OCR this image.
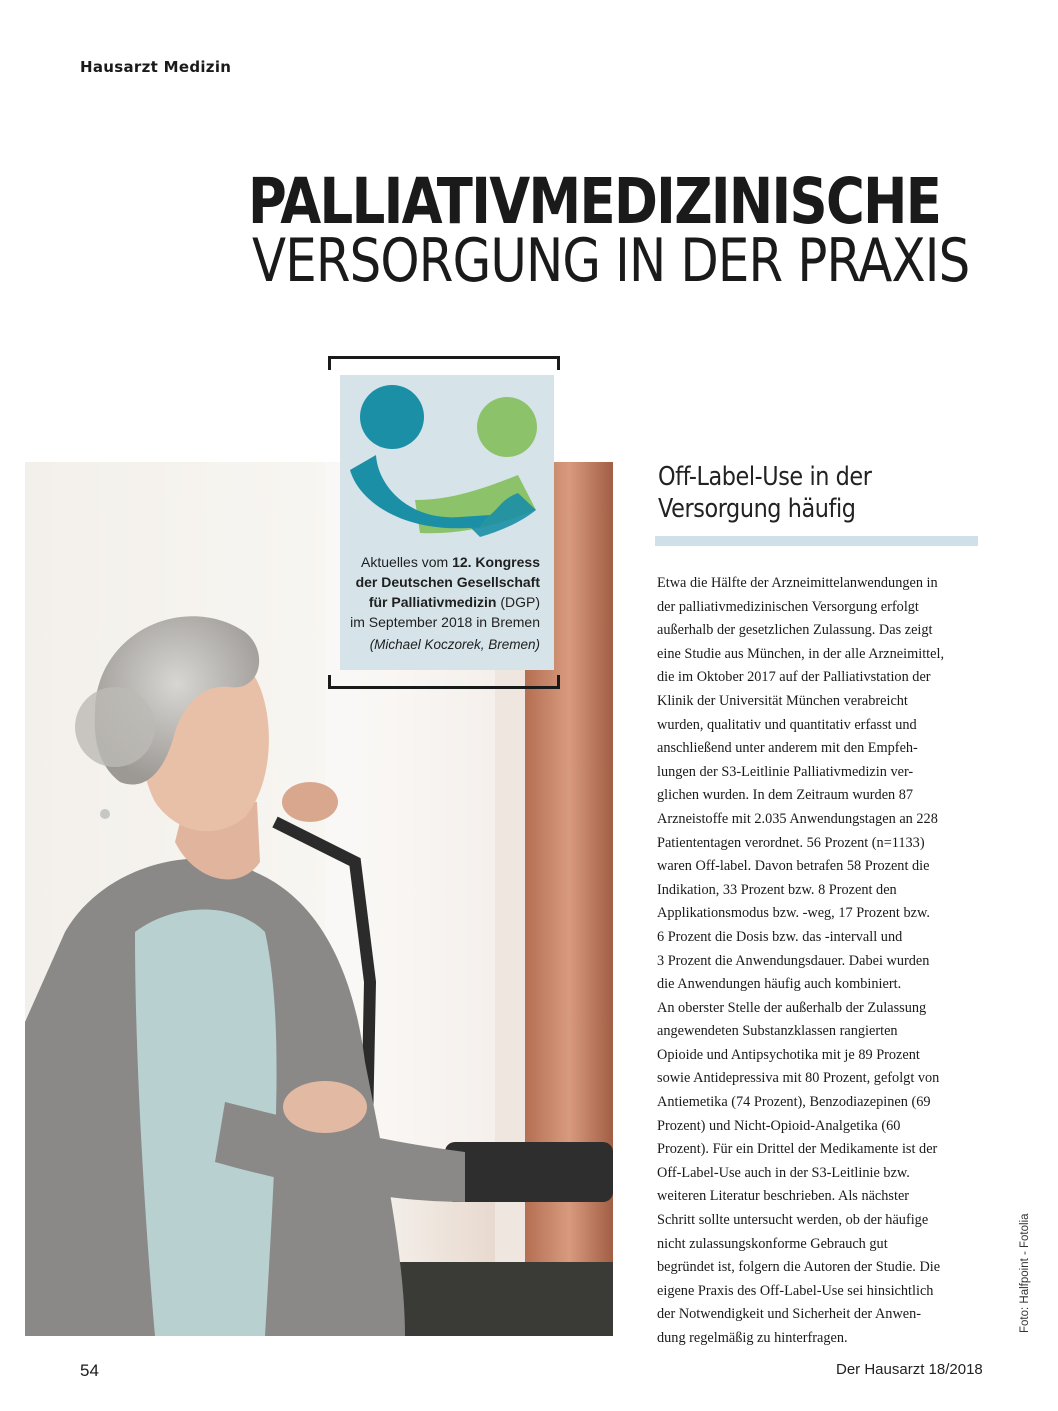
Hausarzt Medizin
PALLIATIVMEDIZINISCHE
VERSORGUNG IN DER PRAXIS
Aktuelles vom 12. Kongress
der Deutschen Gesellschaft
für Palliativmedizin (DGP)
im September 2018 in Bremen
(Michael Koczorek, Bremen)
Off-Label-Use in der
Versorgung häufig

Etwa die Hälfte der Arzneimittelanwendungen in

der palliativmedizinischen Versorgung erfolgt

außerhalb der gesetzlichen Zulassung. Das zeigt

eine Studie aus München, in der alle Arzneimittel,

die im Oktober 2017 auf der Palliativstation der

Klinik der Universität München verabreicht

wurden, qualitativ und quantitativ erfasst und

anschließend unter anderem mit den Empfeh-

lungen der S3-Leitlinie Palliativmedizin ver-

glichen wurden. In dem Zeitraum wurden 87

Arzneistoffe mit 2.035 Anwendungstagen an 228

Patiententagen verordnet. 56 Prozent (n=1133)

waren Off-label. Davon betrafen 58 Prozent die

Indikation, 33 Prozent bzw. 8 Prozent den

Applikationsmodus bzw. -weg, 17 Prozent bzw.

6 Prozent die Dosis bzw. das -intervall und

3 Prozent die Anwendungsdauer. Dabei wurden

die Anwendungen häufig auch kombiniert.

An oberster Stelle der außerhalb der Zulassung

angewendeten Substanzklassen rangierten

Opioide und Antipsychotika mit je 89 Prozent

sowie Antidepressiva mit 80 Prozent, gefolgt von

Antiemetika (74 Prozent), Benzodiazepinen (69

Prozent) und Nicht-Opioid-Analgetika (60

Prozent). Für ein Drittel der Medikamente ist der

Off-Label-Use auch in der S3-Leitlinie bzw.

weiteren Literatur beschrieben. Als nächster

Schritt sollte untersucht werden, ob der häufige

nicht zulassungskonforme Gebrauch gut

begründet ist, folgern die Autoren der Studie. Die

eigene Praxis des Off-Label-Use sei hinsichtlich

der Notwendigkeit und Sicherheit der Anwen-

dung regelmäßig zu hinterfragen.

Foto: Halfpoint - Fotolia
54	Der Hausarzt 18/2018
